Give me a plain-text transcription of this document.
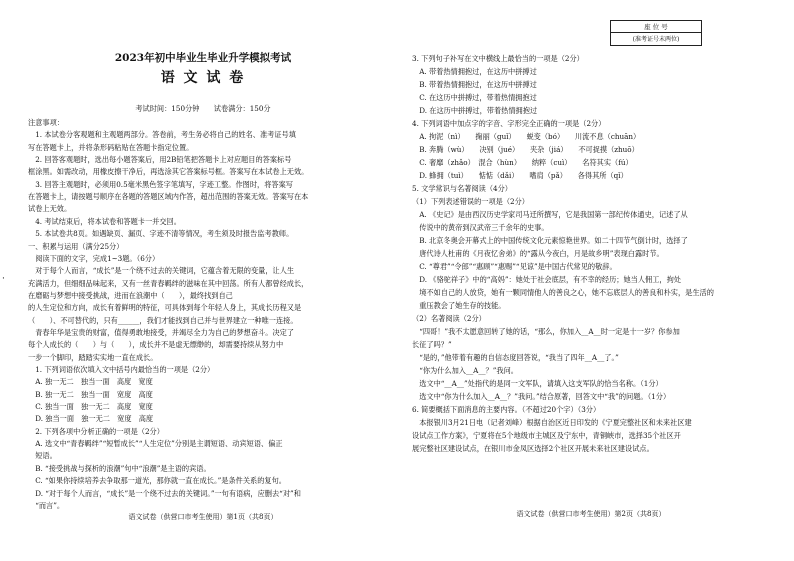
座 位 号
(准考证号末两位)
·
2023年初中毕业生毕业升学模拟考试
语 文 试 卷
考试时间：150分钟　　试卷满分：150分
注意事项：
　1. 本试卷分客观题和主观题两部分。答卷前，考生务必将自己的姓名、准考证号填
写在答题卡上，并将条形码粘贴在答题卡指定位置。
　2. 回答客观题时，选出每小题答案后，用2B铅笔把答题卡上对应题目的答案标号
框涂黑。如需改动，用橡皮擦干净后，再选涂其它答案标号框。答案写在本试卷上无效。
　3. 回答主观题时，必须用0.5毫米黑色签字笔填写，字迹工整。作图时，将答案写
在答题卡上，请按题号顺序在各题的答题区域内作答，超出范围的答案无效。答案写在本
试卷上无效。
　4. 考试结束后，将本试卷和答题卡一并交回。
　5. 本试卷共8页。如遇缺页、漏页、字迹不清等情况，考生须及时报告监考教师。
一、积累与运用（满分25分）
　阅读下面的文字，完成1~3题。（6分）
　对于每个人而言，“成长”是一个绕不过去的关键词，它蕴含着无限的变量，让人生
充满活力，但细细品味起来，又有一丝青春羁绊的滋味在其中回荡。所有人都曾经成长，
在磨砺与梦想中接受挑战，进而在浪潮中（　　），最终找到自己
的人生定位和方向，成长有着鲜明的特征，可具体到每个年轻人身上，其成长历程又是
（　　）、不可替代的，只有______，我们才能找到自己并与世界建立一种唯一连接。
　青春年华是宝贵的财富，值得勇敢地接受，并竭尽全力为自己的梦想奋斗。决定了
每个人成长的（　　）与（　　），成长并不是虚无缥缈的，却需要持续从努力中
一步一个脚印，踏踏实实地一直在成长。
　1. 下列词语依次填入文中括号内最恰当的一项是（2分）
　A. 独一无二　独当一面　高度　宽度
　B. 独一无二　独当一面　宽度　高度
　C. 独当一面　独一无二　高度　宽度
　D. 独当一面　独一无二　宽度　高度
　2. 下列各项中分析正确的一项是（2分）
　A. 选文中“青春羁绊”“短暂成长”“人生定位”分别是主谓短语、动宾短语、偏正
　短语。
　B. “接受挑战与探析的浪潮”句中“浪潮”是主语的宾语。
　C. “如果你持续培养去争取那一道光，那你就一直在成长。”是条件关系的复句。
　D. “对于每个人而言，“成长”是一个绕不过去的关键词。”一句有语病，应删去“对”和
　“而言”。
语文试卷（供营口市考生使用）第1页（共8页）
3. 下列句子补写在文中横线上最恰当的一项是（2分）
　A. 带着热情拥抱过，在这历中拼搏过
　B. 带着热情拥抱过，在这历中拼搏过
　C. 在这历中拼搏过，带着热情拥抱过
　D. 在这历中拼搏过，带着热情拥抱过
4. 下列词语中加点字的字音、字形完全正确的一项是（2分）
　A. 拘泥（nì）　　掬丽（guǐ）　　蜕变（bó）　　川流不息（chuān）
　B. 奔腾（wù）　　决别（jué）　　夹杂（jiá）　　不可捉摸（zhuō）
　C. 奢靡（zhǎo）　混合（hùn）　　纳粹（cuì）　　名符其实（fú）
　D. 蜂拥（tuì）　　惦惦（dǎi）　　嗜肩（pǎ）　　各得其所（qǐ）
5. 文学常识与名著阅读（4分）
（1）下列表述错误的一项是（2分）
　A. 《史记》是由西汉历史学家司马迁所撰写，它是我国第一部纪传体通史，记述了从
　传说中的黄帝到汉武帝三千余年的史事。
　B. 北京冬奥会开幕式上的中国传统文化元素惊艳世界。如二十四节气倒计时，选择了
　唐代诗人杜甫的《月夜忆舍弟》的“露从今夜白，月是故乡明”表现白露时节。
　C. “尊君”“令郎”“惠顾”“惠赐”“见谅”是中国古代常见的敬辞。
　D. 《骆驼祥子》中的“高妈”：她处于社会底层，有不幸的经历；她当人佣工，拘处
　境不如自己的人放贷，她有一颗同情他人的善良之心，她不忘底层人的善良和朴实，是生活的
　重压教会了她生存的技能。
（2）名著阅读（2分）
　“四哥！”我不太愿意回转了她的话，“那么，你加入__A__时一定是十一岁？你参加
长征了吗？”
　“是的，”他带着有趣的自信态度回答说，“我当了四年__A__了。”
　“你为什么加入__A__？”我问。
　选文中“__A__”处指代的是同一文军队，请填入这支军队的恰当名称。（1分）
　选文中“你为什么加入__A__？”我问。”结合原著，回答文中“我”的问题。（1分）
6. 简要概括下面消息的主要内容。（不超过20个字）（3分）
　本报银川3月21日电（记者刘峰）根据自治区近日印发的《宁夏完整社区和未来社区建
设试点工作方案》，宁夏将在5个地级市主城区及宁东中，青铜峡市，选择35个社区开
展完整社区建设试点，在银川市金凤区选择2个社区开展未来社区建设试点。
语文试卷（供营口市考生使用）第2页（共8页）
